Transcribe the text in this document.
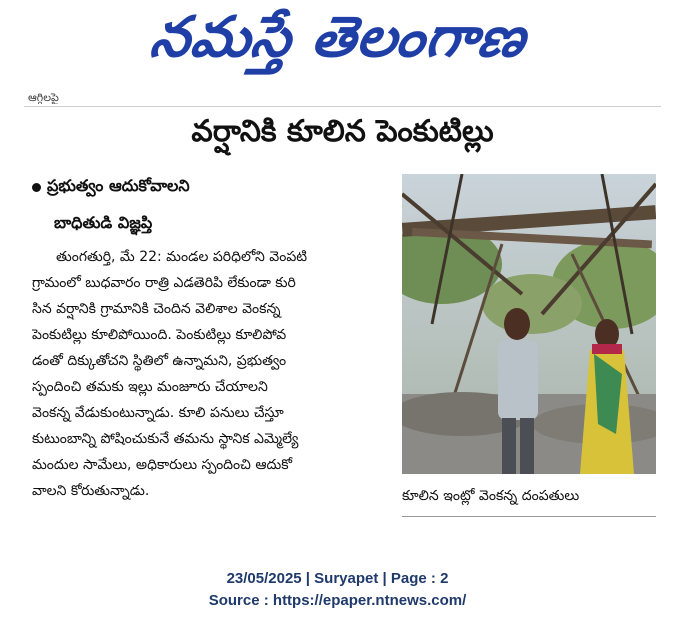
నమస్తే తెలంగాణ
ఆగ్గిలపై
వర్షానికి కూలిన పెంకుటిల్లు
ప్రభుత్వం ఆదుకోవాలని
బాధితుడి విజ్ఞప్తి
తుంగతుర్తి, మే 22: మండల పరిధిలోని వెంపటి
గ్రామంలో బుధవారం రాత్రి ఎడతెరిపి లేకుండా కురి
సిన వర్షానికి గ్రామానికి చెందిన వెలిశాల వెంకన్న
పెంకుటిల్లు కూలిపోయింది. పెంకుటిల్లు కూలిపోవ
డంతో దిక్కుతోచని స్థితిలో ఉన్నామని, ప్రభుత్వం
స్పందించి తమకు ఇల్లు మంజూరు చేయాలని
వెంకన్న వేడుకుంటున్నాడు. కూలి పనులు చేస్తూ
కుటుంబాన్ని పోషించుకునే తమను స్థానిక ఎమ్మెల్యే
మందుల సామేలు, అధికారులు స్పందించి ఆదుకో
వాలని కోరుతున్నాడు.	కూలిన ఇంట్లో వెంకన్న దంపతులు
23/05/2025 | Suryapet | Page : 2
Source : https://epaper.ntnews.com/
